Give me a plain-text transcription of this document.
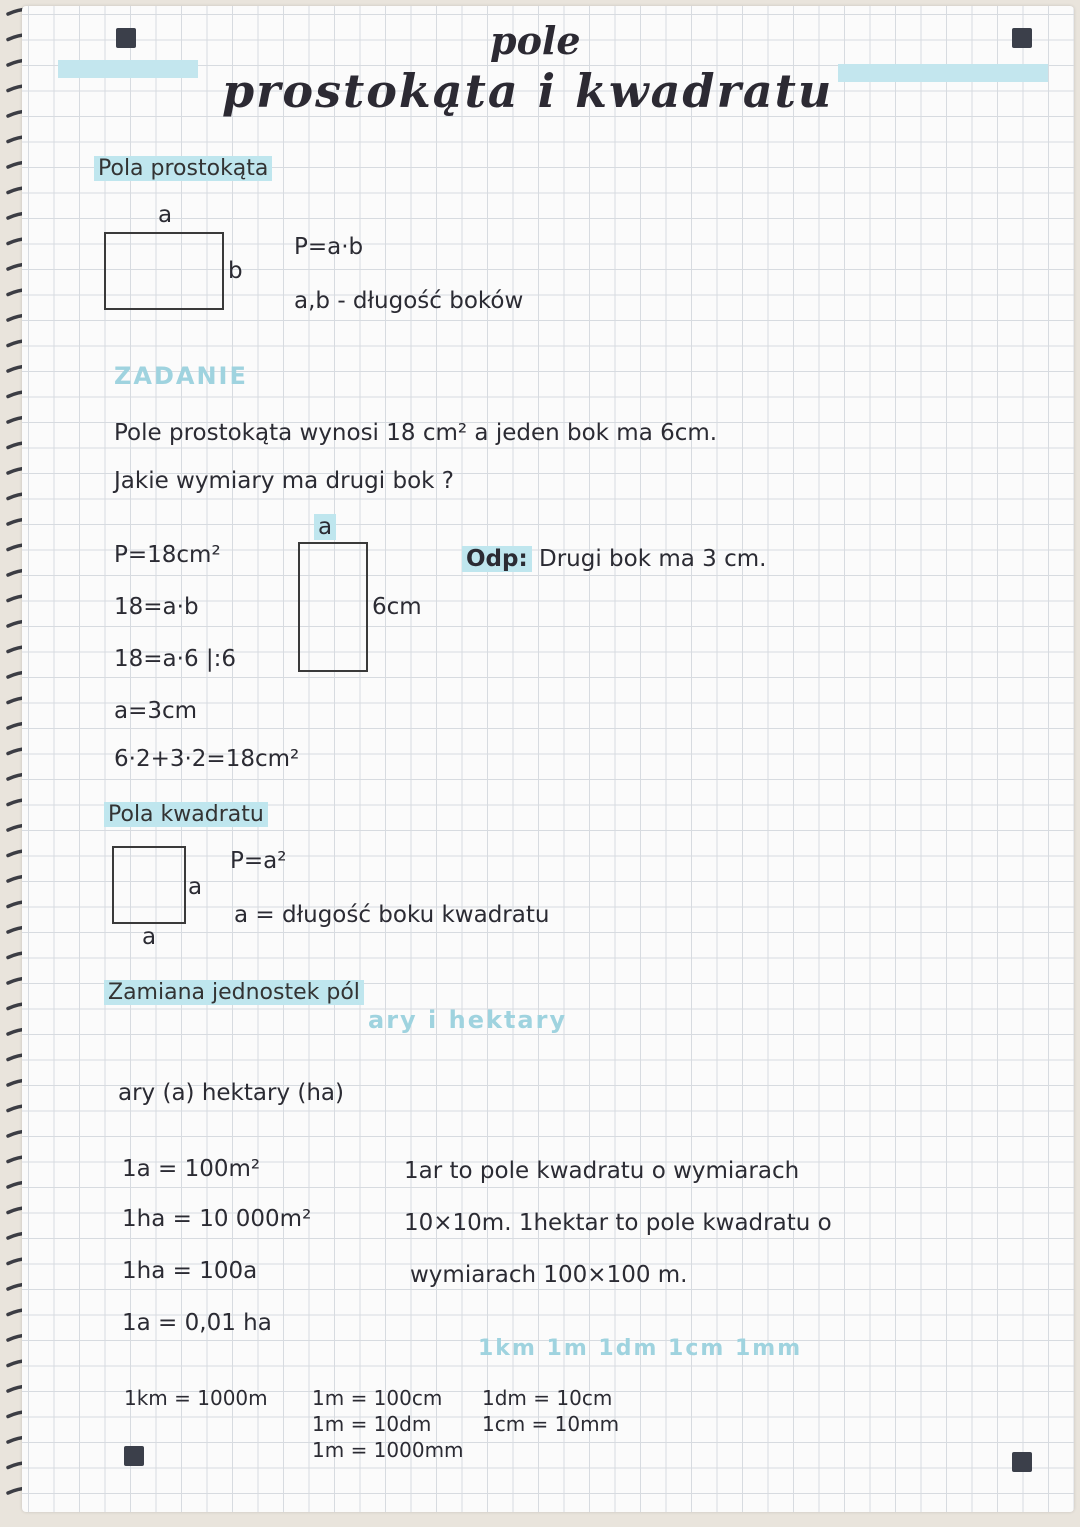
pole
prostokąta i kwadratu
Pola prostokąta
a
b
P=a·b
a,b - długość boków
ZADANIE
Pole prostokąta wynosi 18 cm² a jeden bok ma 6cm.
Jakie wymiary ma drugi bok ?
P=18cm²
18=a·b
18=a·6 |:6
a=3cm
6·2+3·2=18cm²
a
6cm
Odp: Drugi bok ma 3 cm.
Pola kwadratu
a
a
P=a²
a = długość boku kwadratu
Zamiana jednostek pól
ary i hektary
ary (a) hektary (ha)
1a = 100m²
1ha = 10 000m²
1ha = 100a
1a = 0,01 ha
1ar to pole kwadratu o wymiarach
10×10m. 1hektar to pole kwadratu o
wymiarach 100×100 m.
1km 1m 1dm 1cm 1mm
1km = 1000m 1m = 100cm
1m = 10dm
1m = 1000mm
1dm = 10cm
1cm = 10mm
